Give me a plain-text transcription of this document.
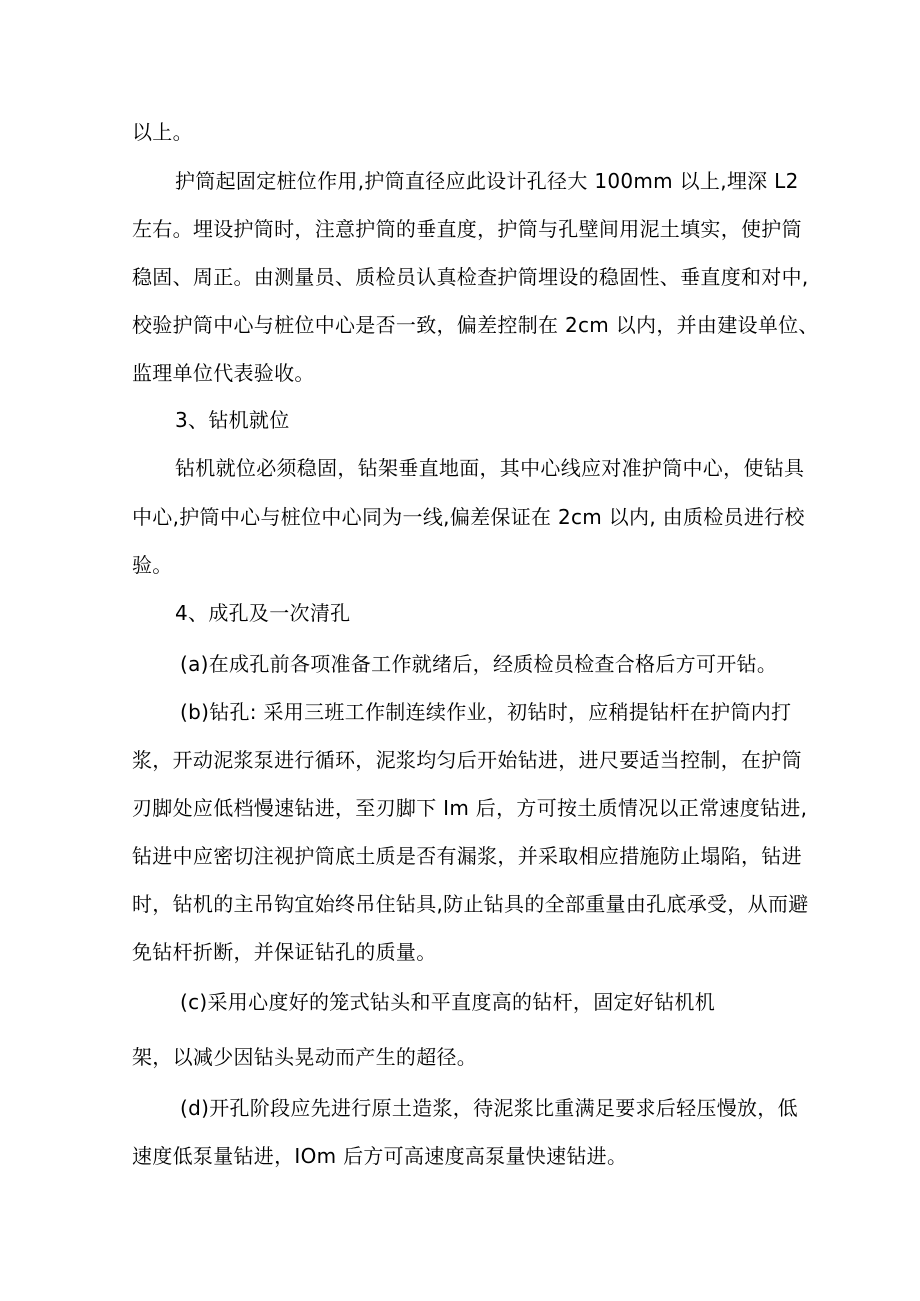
以上。

护筒起固定桩位作用,护筒直径应此设计孔径大 100mm 以上,埋深 L2

左右。埋设护筒时，注意护筒的垂直度，护筒与孔壁间用泥土填实，使护筒

稳固、周正。由测量员、质检员认真检查护筒埋设的稳固性、垂直度和对中,

校验护筒中心与桩位中心是否一致，偏差控制在 2cm 以内，并由建设单位、

监理单位代表验收。

3、钻机就位

钻机就位必须稳固，钻架垂直地面，其中心线应对准护筒中心，使钻具

中心,护筒中心与桩位中心同为一线,偏差保证在 2cm 以内, 由质检员进行校

验。

4、成孔及一次清孔

(a)在成孔前各项准备工作就绪后，经质检员检查合格后方可开钻。

(b)钻孔: 采用三班工作制连续作业，初钻时，应稍提钻杆在护筒内打

浆，开动泥浆泵进行循环，泥浆均匀后开始钻进，进尺要适当控制，在护筒

刃脚处应低档慢速钻进，至刃脚下 Im 后，方可按土质情况以正常速度钻进,

钻进中应密切注视护筒底土质是否有漏浆，并采取相应措施防止塌陷，钻进

时，钻机的主吊钩宜始终吊住钻具,防止钻具的全部重量由孔底承受，从而避

免钻杆折断，并保证钻孔的质量。

(c)采用心度好的笼式钻头和平直度高的钻杆，固定好钻机机

架，以减少因钻头晃动而产生的超径。

(d)开孔阶段应先进行原土造浆，待泥浆比重满足要求后轻压慢放，低

速度低泵量钻进，IOm 后方可高速度高泵量快速钻进。
